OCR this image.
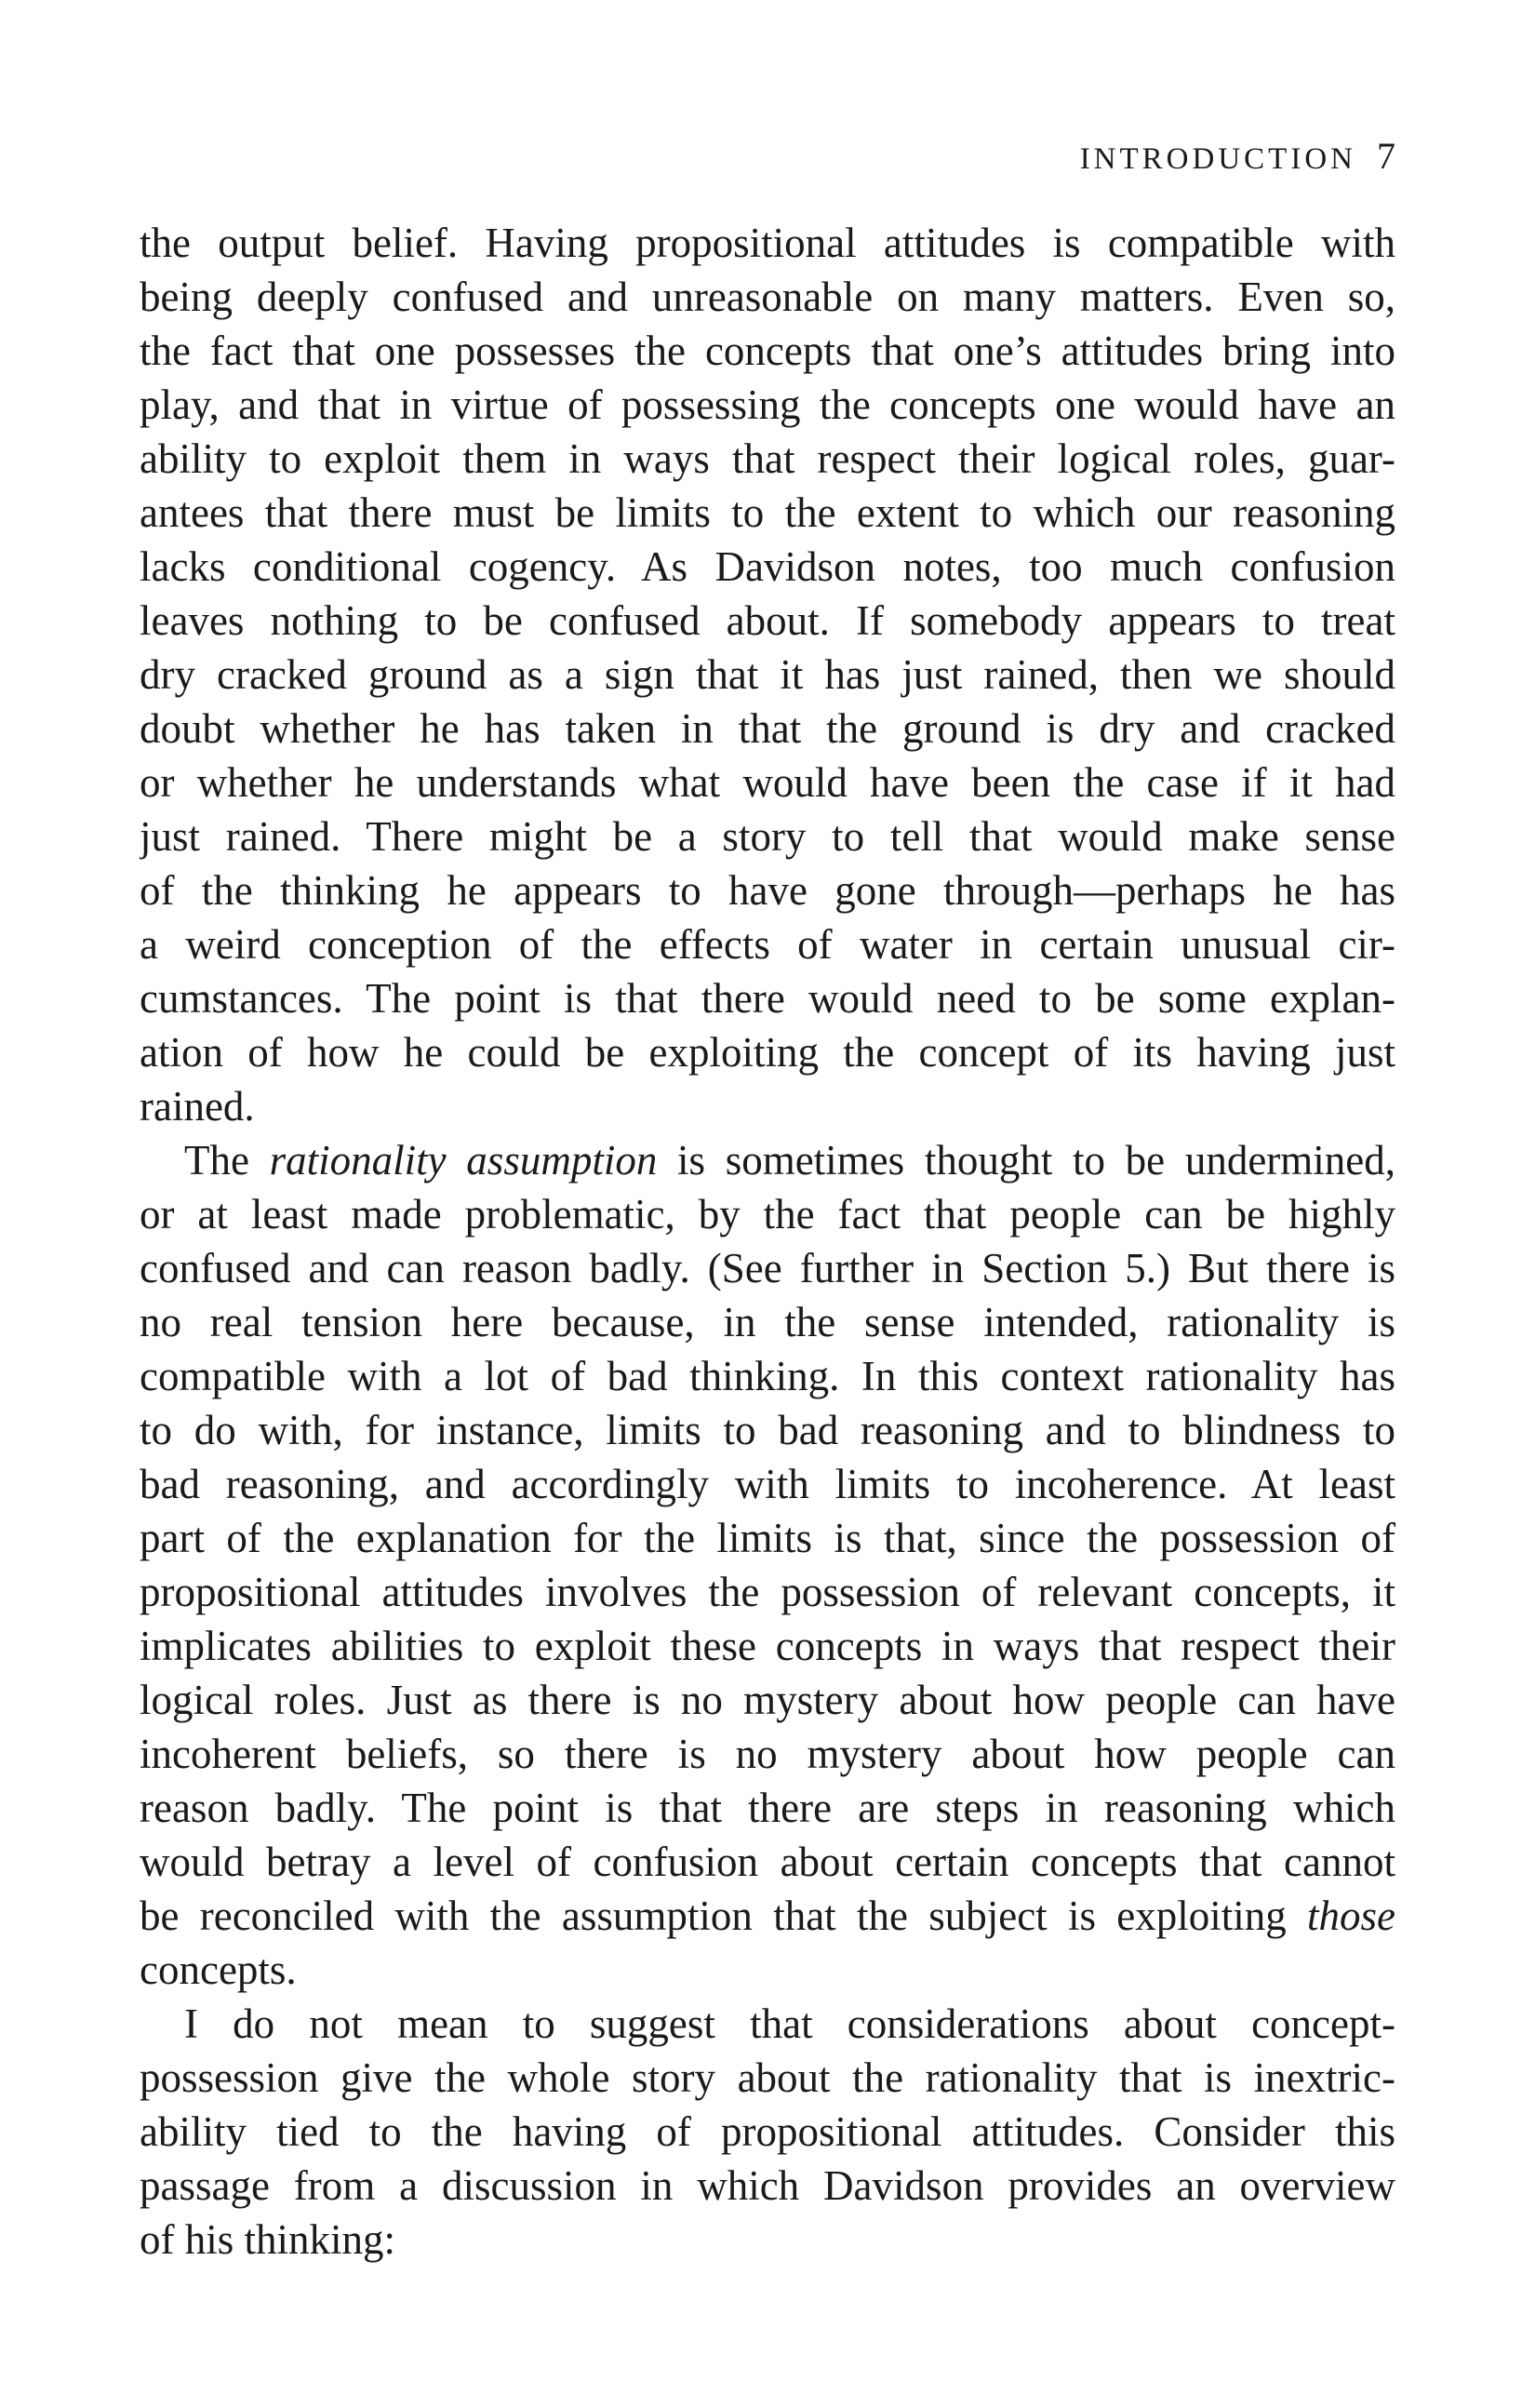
INTRODUCTION 7
the output belief. Having propositional attitudes is compatible with
being deeply confused and unreasonable on many matters. Even so,
the fact that one possesses the concepts that one’s attitudes bring into
play, and that in virtue of possessing the concepts one would have an
ability to exploit them in ways that respect their logical roles, guar-
antees that there must be limits to the extent to which our reasoning
lacks conditional cogency. As Davidson notes, too much confusion
leaves nothing to be confused about. If somebody appears to treat
dry cracked ground as a sign that it has just rained, then we should
doubt whether he has taken in that the ground is dry and cracked
or whether he understands what would have been the case if it had
just rained. There might be a story to tell that would make sense
of the thinking he appears to have gone through—perhaps he has
a weird conception of the effects of water in certain unusual cir-
cumstances. The point is that there would need to be some explan-
ation of how he could be exploiting the concept of its having just
rained.
The rationality assumption is sometimes thought to be undermined,
or at least made problematic, by the fact that people can be highly
confused and can reason badly. (See further in Section 5.) But there is
no real tension here because, in the sense intended, rationality is
compatible with a lot of bad thinking. In this context rationality has
to do with, for instance, limits to bad reasoning and to blindness to
bad reasoning, and accordingly with limits to incoherence. At least
part of the explanation for the limits is that, since the possession of
propositional attitudes involves the possession of relevant concepts, it
implicates abilities to exploit these concepts in ways that respect their
logical roles. Just as there is no mystery about how people can have
incoherent beliefs, so there is no mystery about how people can
reason badly. The point is that there are steps in reasoning which
would betray a level of confusion about certain concepts that cannot
be reconciled with the assumption that the subject is exploiting those
concepts.
I do not mean to suggest that considerations about concept-
possession give the whole story about the rationality that is inextric-
ability tied to the having of propositional attitudes. Consider this
passage from a discussion in which Davidson provides an overview
of his thinking:
